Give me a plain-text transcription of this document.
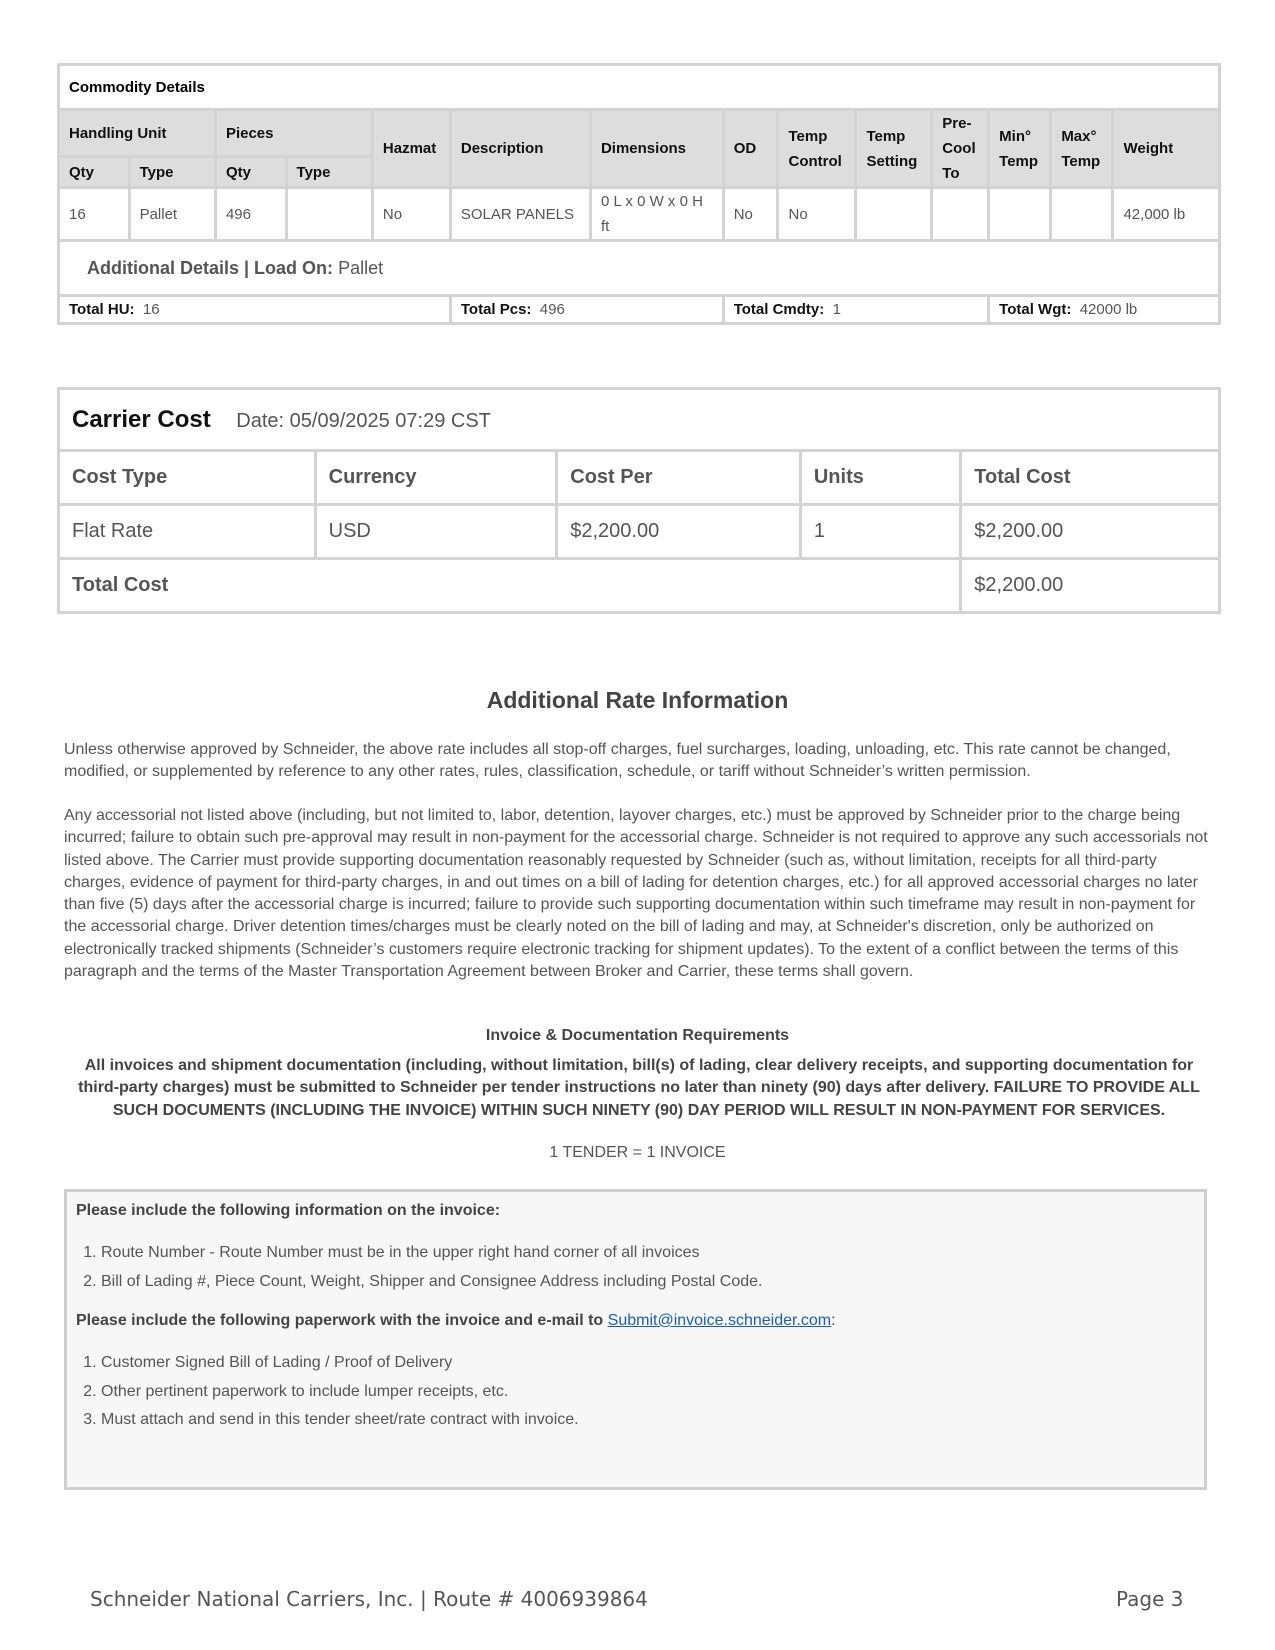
Commodity Details													
Handling Unit		Pieces		Hazmat	Description	Dimensions	OD	Temp Control	Temp Setting	Pre-Cool To	Min° Temp	Max° Temp	Weight
Qty	Type	Qty	Type										
16	Pallet	496		No	SOLAR PANELS	0 L x 0 W x 0 H ft	No	No					42,000 lb
Additional Details | Load On: Pallet													
Total HU: 16					Total Pcs: 496		Total Cmdty: 1				Total Wgt: 42000 lb		
Carrier Cost Date: 05/09/2025 07:29 CST				
Cost Type	Currency	Cost Per	Units	Total Cost
Flat Rate	USD	$2,200.00	1	$2,200.00
Total Cost				$2,200.00
Additional Rate Information

Unless otherwise approved by Schneider, the above rate includes all stop-off charges, fuel surcharges, loading, unloading, etc. This rate cannot be changed, modified, or supplemented by reference to any other rates, rules, classification, schedule, or tariff without Schneider’s written permission.

Any accessorial not listed above (including, but not limited to, labor, detention, layover charges, etc.) must be approved by Schneider prior to the charge being incurred; failure to obtain such pre-approval may result in non-payment for the accessorial charge. Schneider is not required to approve any such accessorials not listed above. The Carrier must provide supporting documentation reasonably requested by Schneider (such as, without limitation, receipts for all third-party charges, evidence of payment for third-party charges, in and out times on a bill of lading for detention charges, etc.) for all approved accessorial charges no later than five (5) days after the accessorial charge is incurred; failure to provide such supporting documentation within such timeframe may result in non-payment for the accessorial charge. Driver detention times/charges must be clearly noted on the bill of lading and may, at Schneider's discretion, only be authorized on electronically tracked shipments (Schneider’s customers require electronic tracking for shipment updates). To the extent of a conflict between the terms of this paragraph and the terms of the Master Transportation Agreement between Broker and Carrier, these terms shall govern.

Invoice & Documentation Requirements
All invoices and shipment documentation (including, without limitation, bill(s) of lading, clear delivery receipts, and supporting documentation for third-party charges) must be submitted to Schneider per tender instructions no later than ninety (90) days after delivery. FAILURE TO PROVIDE ALL SUCH DOCUMENTS (INCLUDING THE INVOICE) WITHIN SUCH NINETY (90) DAY PERIOD WILL RESULT IN NON-PAYMENT FOR SERVICES.
1 TENDER = 1 INVOICE

Please include the following information on the invoice:

1. Route Number - Route Number must be in the upper right hand corner of all invoices
2. Bill of Lading #, Piece Count, Weight, Shipper and Consignee Address including Postal Code.

Please include the following paperwork with the invoice and e-mail to Submit@invoice.schneider.com:

1. Customer Signed Bill of Lading / Proof of Delivery
2. Other pertinent paperwork to include lumper receipts, etc.
3. Must attach and send in this tender sheet/rate contract with invoice.
Schneider National Carriers, Inc. | Route # 4006939864	Page 3
